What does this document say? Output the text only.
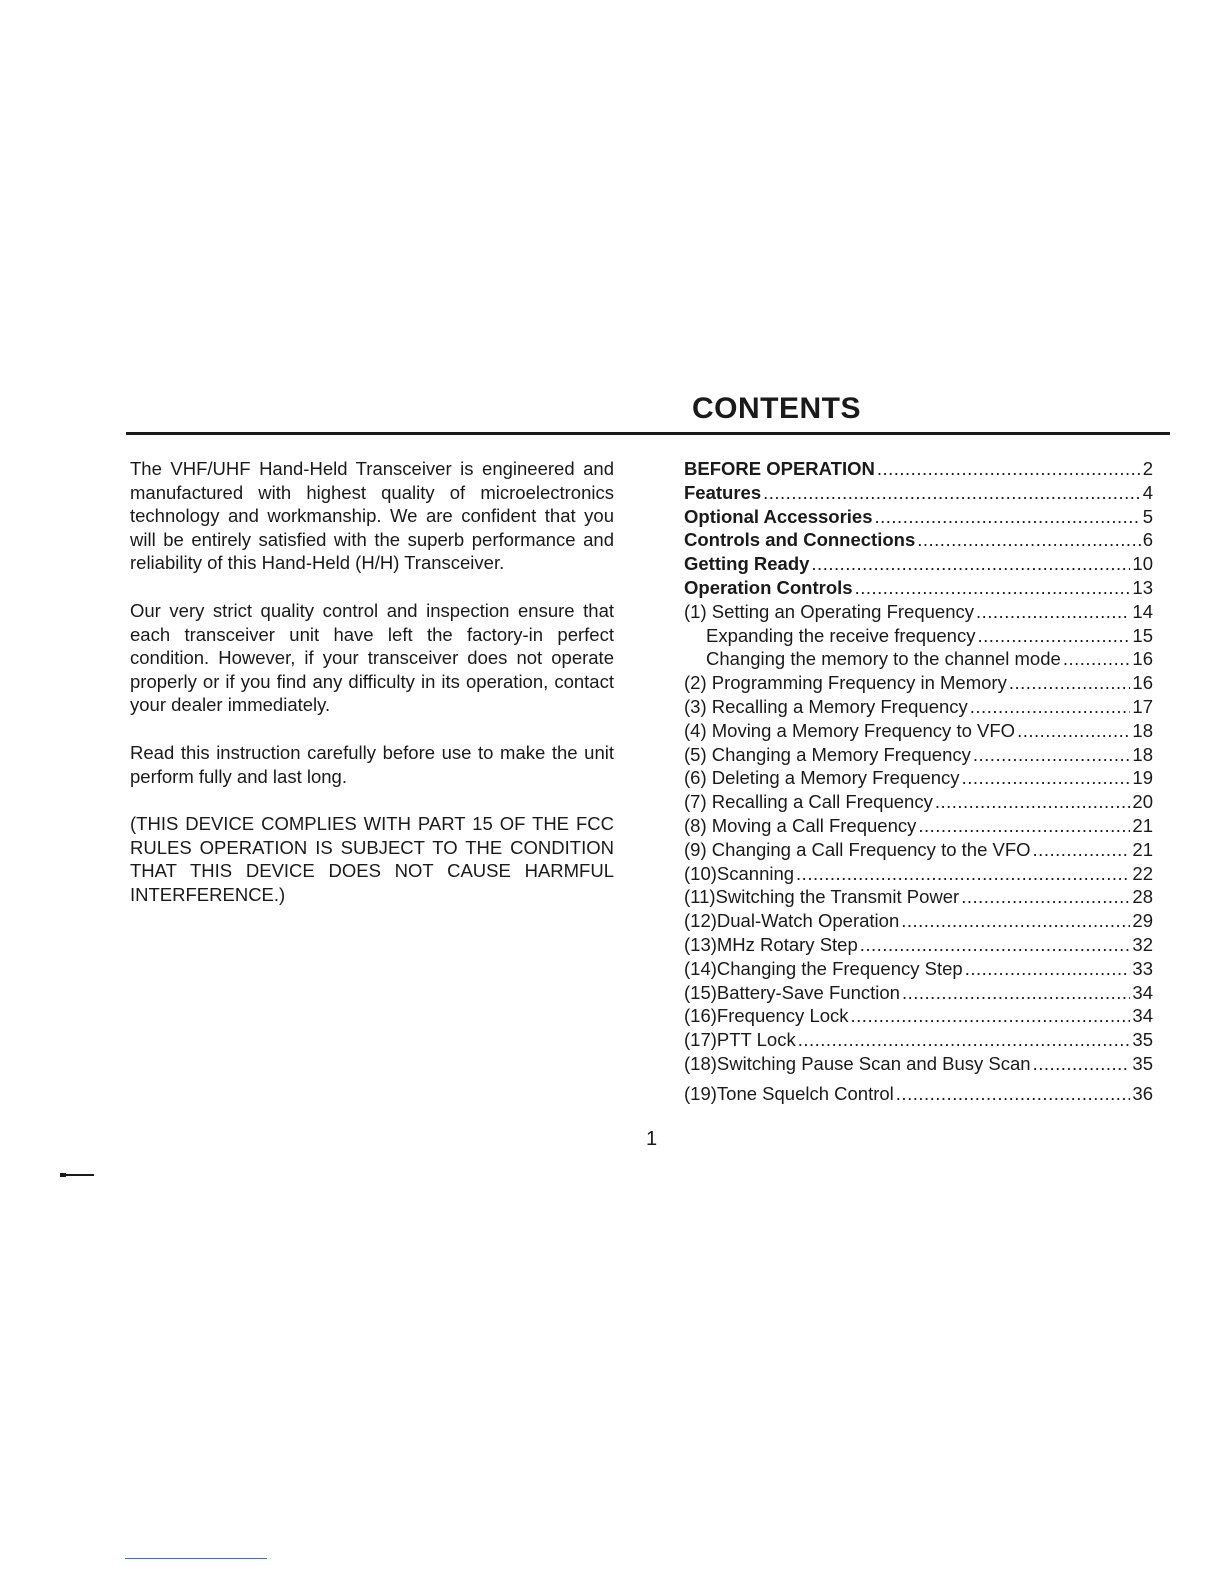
CONTENTS

The VHF/UHF Hand-Held Transceiver is engineered and manufactured with highest quality of microelectronics technology and workmanship. We are confident that you will be entirely satisfied with the superb performance and reliability of this Hand-Held (H/H) Transceiver.

Our very strict quality control and inspection ensure that each transceiver unit have left the factory-in perfect condition. However, if your transceiver does not operate properly or if you find any difficulty in its operation, contact your dealer immediately.

Read this instruction carefully before use to make the unit perform fully and last long.

(THIS DEVICE COMPLIES WITH PART 15 OF THE FCC RULES OPERATION IS SUBJECT TO THE CONDITION THAT THIS DEVICE DOES NOT CAUSE HARMFUL INTERFERENCE.)

BEFORE OPERATION .....	2
Features .....	4
Optional Accessories .....	5
Controls and Connections .....	6
Getting Ready .....	10
Operation Controls .....	13
(1) Setting an Operating Frequency .....	14
Expanding the receive frequency .....	15
Changing the memory to the channel mode .....	16
(2) Programming Frequency in Memory .....	16
(3) Recalling a Memory Frequency .....	17
(4) Moving a Memory Frequency to VFO .....	18
(5) Changing a Memory Frequency .....	18
(6) Deleting a Memory Frequency .....	19
(7) Recalling a Call Frequency .....	20
(8) Moving a Call Frequency .....	21
(9) Changing a Call Frequency to the VFO .....	21
(10)Scanning .....	22
(11)Switching the Transmit Power .....	28
(12)Dual-Watch Operation .....	29
(13)MHz Rotary Step .....	32
(14)Changing the Frequency Step .....	33
(15)Battery-Save Function .....	34
(16)Frequency Lock .....	34
(17)PTT Lock .....	35
(18)Switching Pause Scan and Busy Scan .....	35
(19)Tone Squelch Control .....	36
1
